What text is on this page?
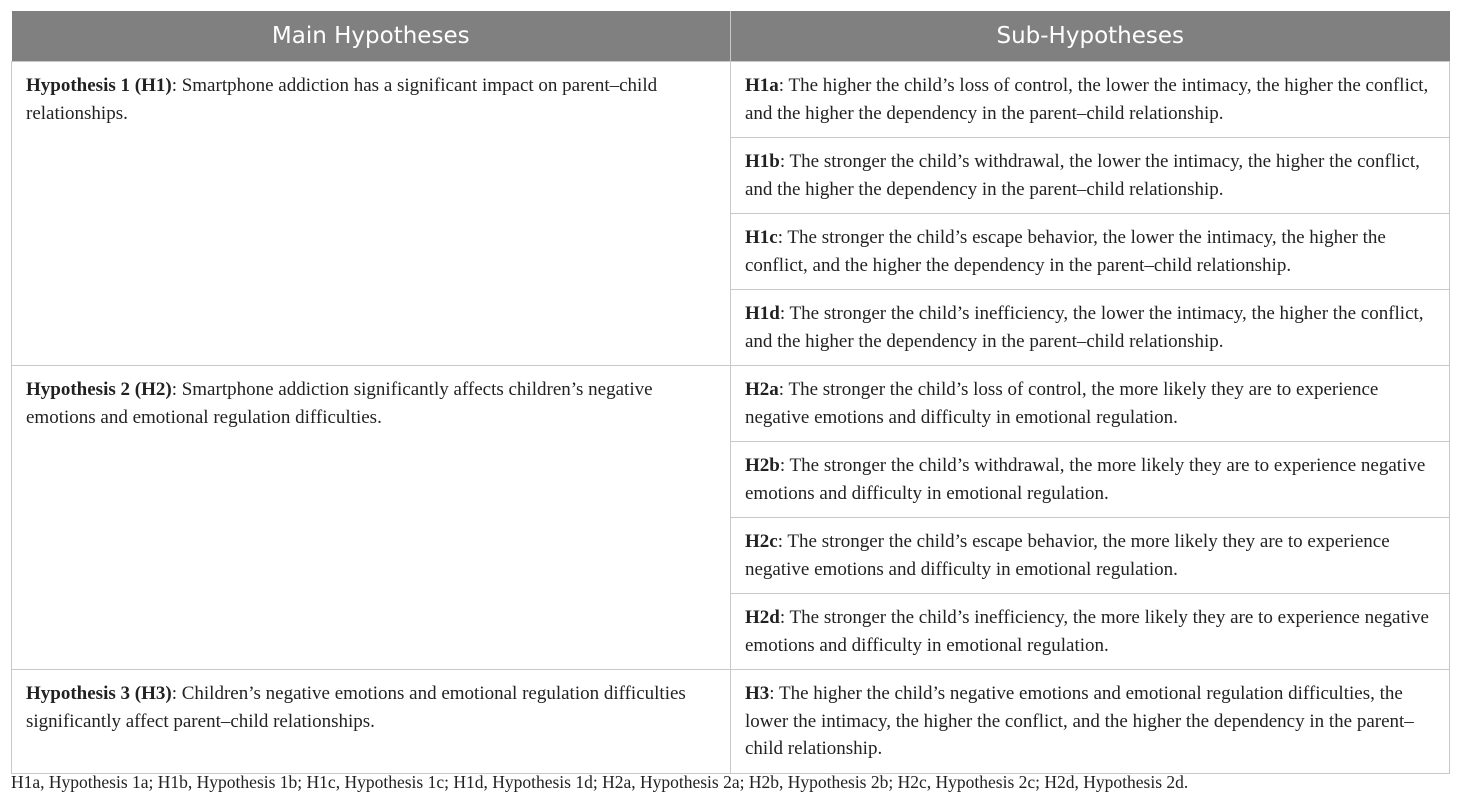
Main Hypotheses	Sub-Hypotheses
Hypothesis 1 (H1): Smartphone addiction has a significant impact on parent–child relationships.	H1a: The higher the child’s loss of control, the lower the intimacy, the higher the conflict, and the higher the dependency in the parent–child relationship.
	H1b: The stronger the child’s withdrawal, the lower the intimacy, the higher the conflict, and the higher the dependency in the parent–child relationship.
	H1c: The stronger the child’s escape behavior, the lower the intimacy, the higher the conflict, and the higher the dependency in the parent–child relationship.
	H1d: The stronger the child’s inefficiency, the lower the intimacy, the higher the conflict, and the higher the dependency in the parent–child relationship.
Hypothesis 2 (H2): Smartphone addiction significantly affects children’s negative emotions and emotional regulation difficulties.	H2a: The stronger the child’s loss of control, the more likely they are to experience negative emotions and difficulty in emotional regulation.
	H2b: The stronger the child’s withdrawal, the more likely they are to experience negative emotions and difficulty in emotional regulation.
	H2c: The stronger the child’s escape behavior, the more likely they are to experience negative emotions and difficulty in emotional regulation.
	H2d: The stronger the child’s inefficiency, the more likely they are to experience negative emotions and difficulty in emotional regulation.
Hypothesis 3 (H3): Children’s negative emotions and emotional regulation difficulties significantly affect parent–child relationships.	H3: The higher the child’s negative emotions and emotional regulation difficulties, the lower the intimacy, the higher the conflict, and the higher the dependency in the parent–child relationship.
H1a, Hypothesis 1a; H1b, Hypothesis 1b; H1c, Hypothesis 1c; H1d, Hypothesis 1d; H2a, Hypothesis 2a; H2b, Hypothesis 2b; H2c, Hypothesis 2c; H2d, Hypothesis 2d.
